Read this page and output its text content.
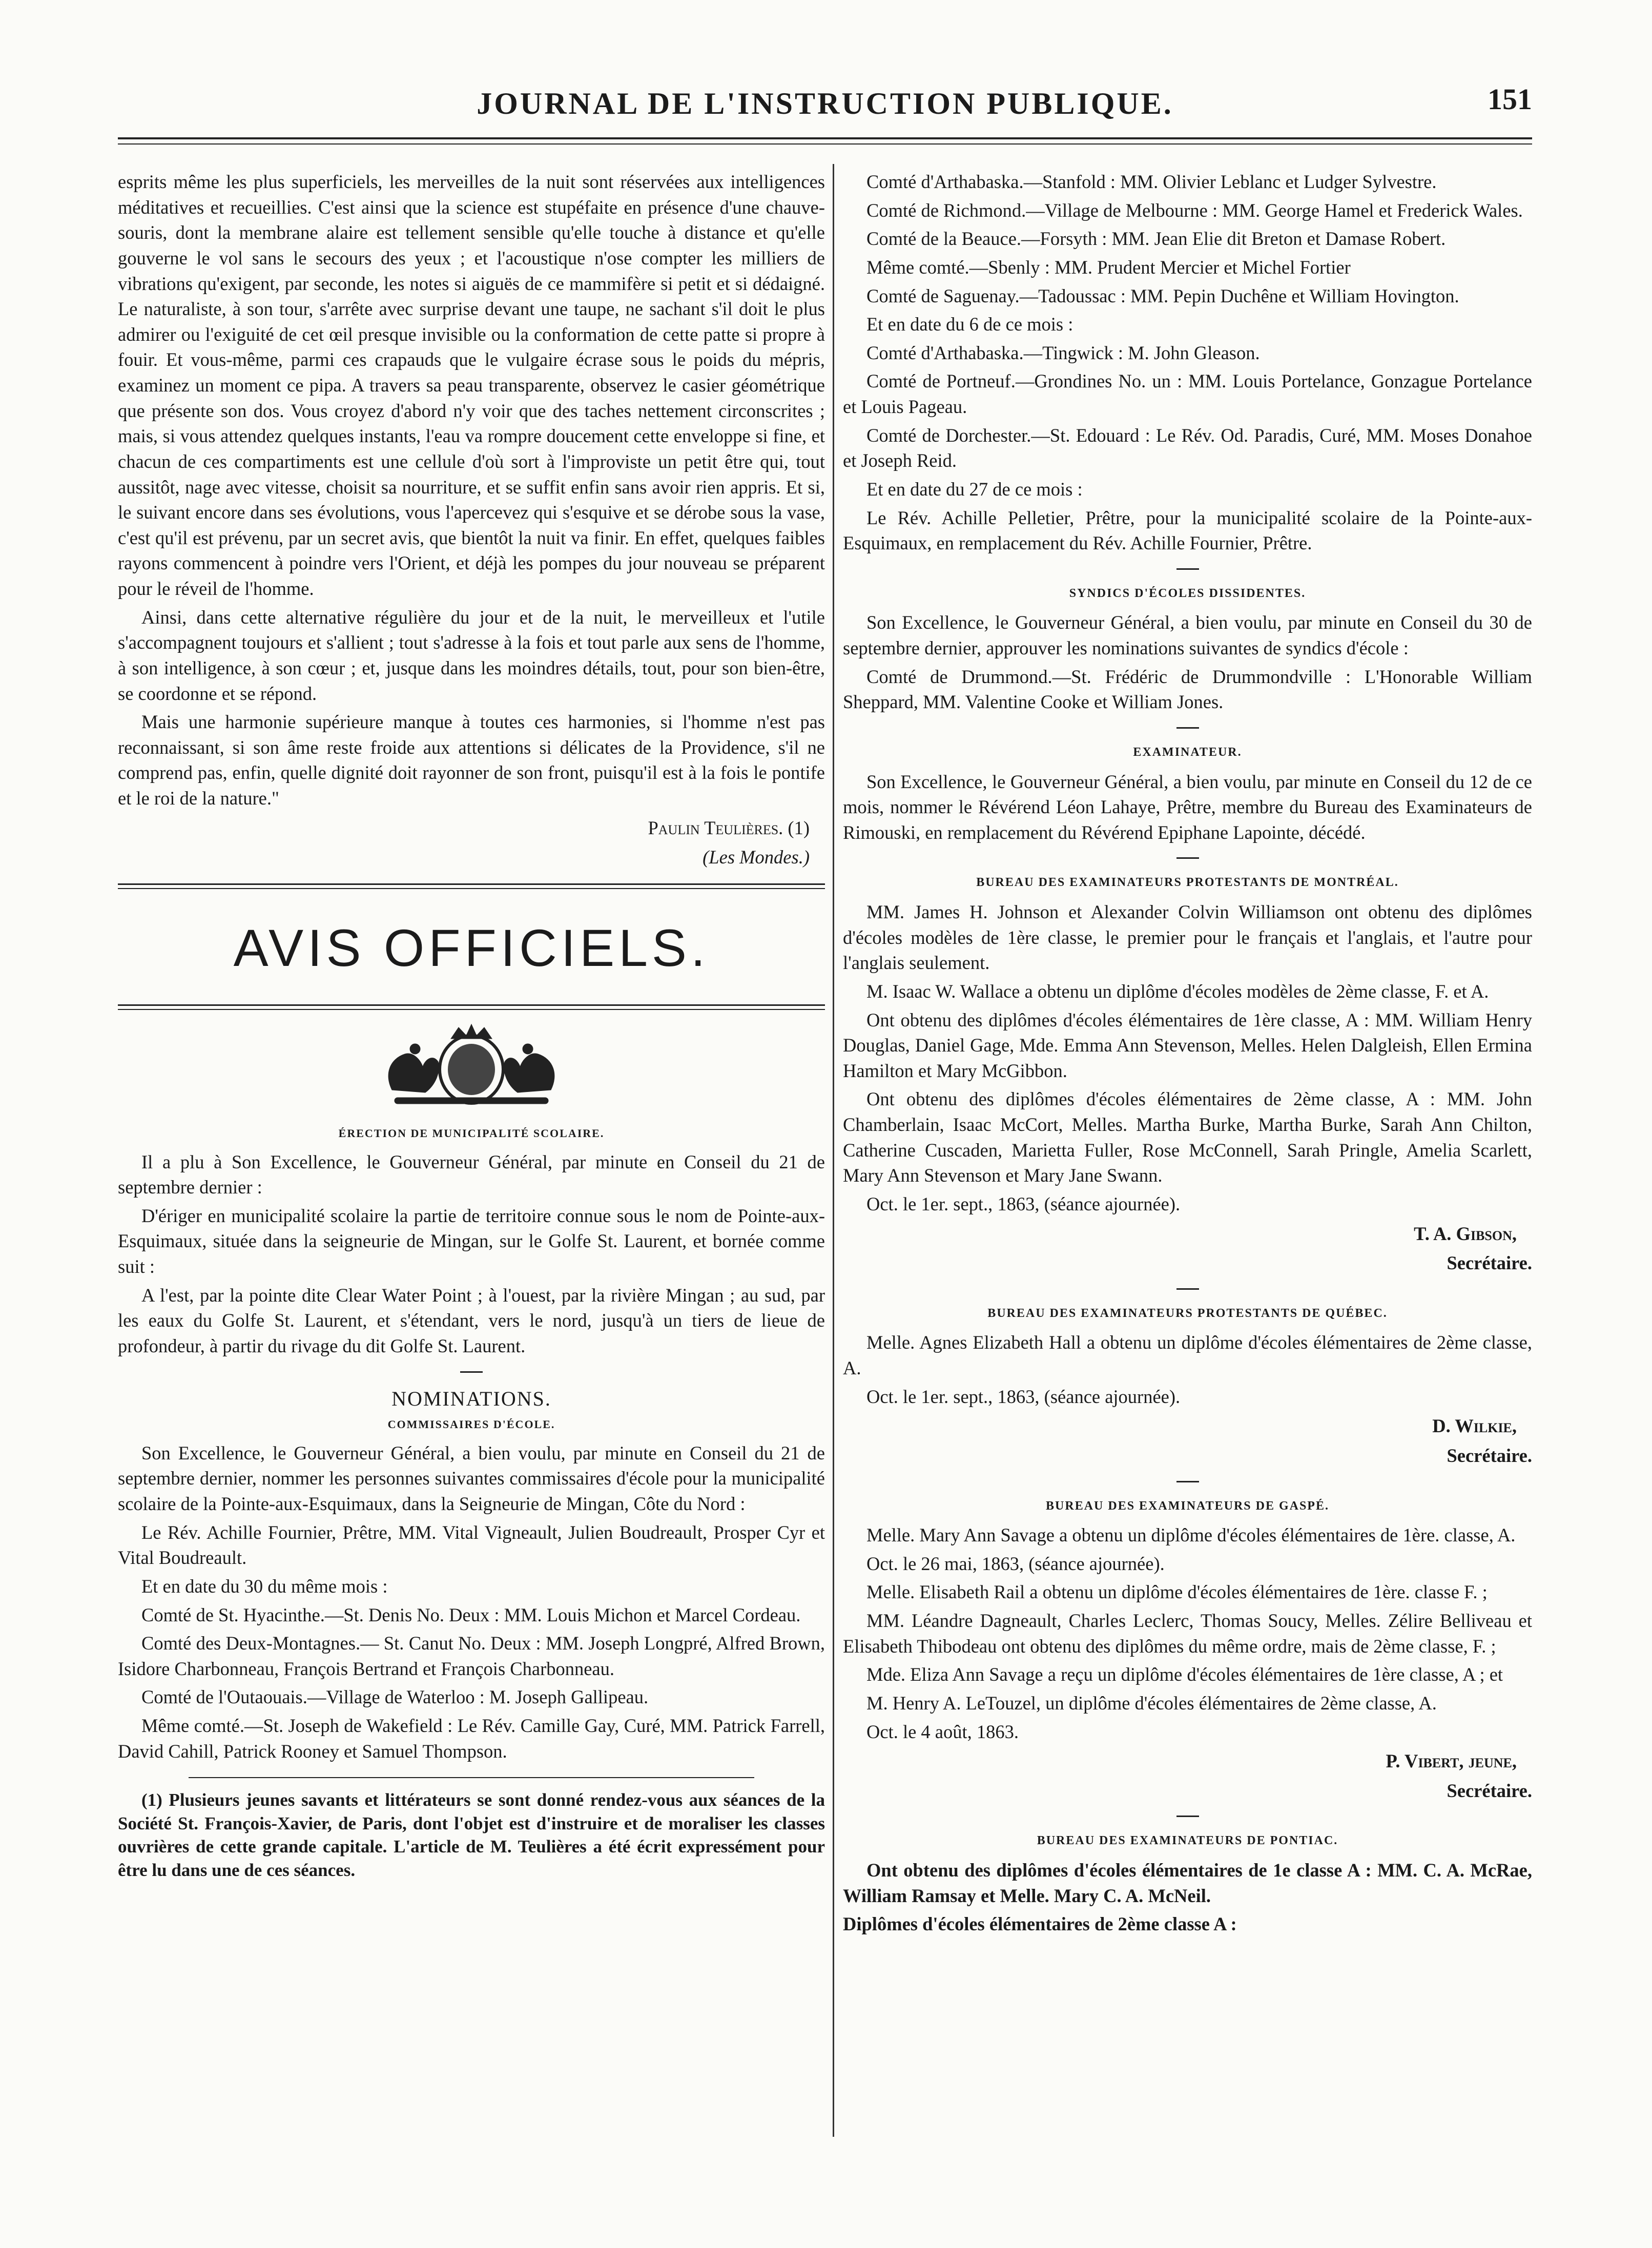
JOURNAL DE L'INSTRUCTION PUBLIQUE.	151

esprits même les plus superficiels, les merveilles de la nuit sont réservées aux intelligences méditatives et recueillies. C'est ainsi que la science est stupéfaite en présence d'une chauve-souris, dont la membrane alaire est tellement sensible qu'elle touche à distance et qu'elle gouverne le vol sans le secours des yeux ; et l'acoustique n'ose compter les milliers de vibrations qu'exigent, par seconde, les notes si aiguës de ce mammifère si petit et si dédaigné. Le naturaliste, à son tour, s'arrête avec surprise devant une taupe, ne sachant s'il doit le plus admirer ou l'exiguité de cet œil presque invisible ou la conformation de cette patte si propre à fouir. Et vous-même, parmi ces crapauds que le vulgaire écrase sous le poids du mépris, examinez un moment ce pipa. A travers sa peau transparente, observez le casier géométrique que présente son dos. Vous croyez d'abord n'y voir que des taches nettement circonscrites ; mais, si vous attendez quelques instants, l'eau va rompre doucement cette enveloppe si fine, et chacun de ces compartiments est une cellule d'où sort à l'improviste un petit être qui, tout aussitôt, nage avec vitesse, choisit sa nourriture, et se suffit enfin sans avoir rien appris. Et si, le suivant encore dans ses évolutions, vous l'apercevez qui s'esquive et se dérobe sous la vase, c'est qu'il est prévenu, par un secret avis, que bientôt la nuit va finir. En effet, quelques faibles rayons commencent à poindre vers l'Orient, et déjà les pompes du jour nouveau se préparent pour le réveil de l'homme.

Ainsi, dans cette alternative régulière du jour et de la nuit, le merveilleux et l'utile s'accompagnent toujours et s'allient ; tout s'adresse à la fois et tout parle aux sens de l'homme, à son intelligence, à son cœur ; et, jusque dans les moindres détails, tout, pour son bien-être, se coordonne et se répond.

Mais une harmonie supérieure manque à toutes ces harmonies, si l'homme n'est pas reconnaissant, si son âme reste froide aux attentions si délicates de la Providence, s'il ne comprend pas, enfin, quelle dignité doit rayonner de son front, puisqu'il est à la fois le pontife et le roi de la nature."

Paulin Teulières. (1)
(Les Mondes.)
AVIS OFFICIELS.
ÉRECTION DE MUNICIPALITÉ SCOLAIRE.

Il a plu à Son Excellence, le Gouverneur Général, par minute en Conseil du 21 de septembre dernier :

D'ériger en municipalité scolaire la partie de territoire connue sous le nom de Pointe-aux-Esquimaux, située dans la seigneurie de Mingan, sur le Golfe St. Laurent, et bornée comme suit :

A l'est, par la pointe dite Clear Water Point ; à l'ouest, par la rivière Mingan ; au sud, par les eaux du Golfe St. Laurent, et s'étendant, vers le nord, jusqu'à un tiers de lieue de profondeur, à partir du rivage du dit Golfe St. Laurent.

NOMINATIONS.
COMMISSAIRES D'ÉCOLE.

Son Excellence, le Gouverneur Général, a bien voulu, par minute en Conseil du 21 de septembre dernier, nommer les personnes suivantes commissaires d'école pour la municipalité scolaire de la Pointe-aux-Esquimaux, dans la Seigneurie de Mingan, Côte du Nord :

Le Rév. Achille Fournier, Prêtre, MM. Vital Vigneault, Julien Boudreault, Prosper Cyr et Vital Boudreault.

Et en date du 30 du même mois :

Comté de St. Hyacinthe.—St. Denis No. Deux : MM. Louis Michon et Marcel Cordeau.

Comté des Deux-Montagnes.— St. Canut No. Deux : MM. Joseph Longpré, Alfred Brown, Isidore Charbonneau, François Bertrand et François Charbonneau.

Comté de l'Outaouais.—Village de Waterloo : M. Joseph Gallipeau.

Même comté.—St. Joseph de Wakefield : Le Rév. Camille Gay, Curé, MM. Patrick Farrell, David Cahill, Patrick Rooney et Samuel Thompson.

(1) Plusieurs jeunes savants et littérateurs se sont donné rendez-vous aux séances de la Société St. François-Xavier, de Paris, dont l'objet est d'instruire et de moraliser les classes ouvrières de cette grande capitale. L'article de M. Teulières a été écrit expressément pour être lu dans une de ces séances.

Comté d'Arthabaska.—Stanfold : MM. Olivier Leblanc et Ludger Sylvestre.

Comté de Richmond.—Village de Melbourne : MM. George Hamel et Frederick Wales.

Comté de la Beauce.—Forsyth : MM. Jean Elie dit Breton et Damase Robert.

Même comté.—Sbenly : MM. Prudent Mercier et Michel Fortier

Comté de Saguenay.—Tadoussac : MM. Pepin Duchêne et William Hovington.

Et en date du 6 de ce mois :

Comté d'Arthabaska.—Tingwick : M. John Gleason.

Comté de Portneuf.—Grondines No. un : MM. Louis Portelance, Gonzague Portelance et Louis Pageau.

Comté de Dorchester.—St. Edouard : Le Rév. Od. Paradis, Curé, MM. Moses Donahoe et Joseph Reid.

Et en date du 27 de ce mois :

Le Rév. Achille Pelletier, Prêtre, pour la municipalité scolaire de la Pointe-aux-Esquimaux, en remplacement du Rév. Achille Fournier, Prêtre.

SYNDICS D'ÉCOLES DISSIDENTES.

Son Excellence, le Gouverneur Général, a bien voulu, par minute en Conseil du 30 de septembre dernier, approuver les nominations suivantes de syndics d'école :

Comté de Drummond.—St. Frédéric de Drummondville : L'Honorable William Sheppard, MM. Valentine Cooke et William Jones.

EXAMINATEUR.

Son Excellence, le Gouverneur Général, a bien voulu, par minute en Conseil du 12 de ce mois, nommer le Révérend Léon Lahaye, Prêtre, membre du Bureau des Examinateurs de Rimouski, en remplacement du Révérend Epiphane Lapointe, décédé.

BUREAU DES EXAMINATEURS PROTESTANTS DE MONTRÉAL.

MM. James H. Johnson et Alexander Colvin Williamson ont obtenu des diplômes d'écoles modèles de 1ère classe, le premier pour le français et l'anglais, et l'autre pour l'anglais seulement.

M. Isaac W. Wallace a obtenu un diplôme d'écoles modèles de 2ème classe, F. et A.

Ont obtenu des diplômes d'écoles élémentaires de 1ère classe, A : MM. William Henry Douglas, Daniel Gage, Mde. Emma Ann Stevenson, Melles. Helen Dalgleish, Ellen Ermina Hamilton et Mary McGibbon.

Ont obtenu des diplômes d'écoles élémentaires de 2ème classe, A : MM. John Chamberlain, Isaac McCort, Melles. Martha Burke, Martha Burke, Sarah Ann Chilton, Catherine Cuscaden, Marietta Fuller, Rose McConnell, Sarah Pringle, Amelia Scarlett, Mary Ann Stevenson et Mary Jane Swann.

Oct. le 1er. sept., 1863, (séance ajournée).

T. A. Gibson,
Secrétaire.
BUREAU DES EXAMINATEURS PROTESTANTS DE QUÉBEC.

Melle. Agnes Elizabeth Hall a obtenu un diplôme d'écoles élémentaires de 2ème classe, A.

Oct. le 1er. sept., 1863, (séance ajournée).

D. Wilkie,
Secrétaire.
BUREAU DES EXAMINATEURS DE GASPÉ.

Melle. Mary Ann Savage a obtenu un diplôme d'écoles élémentaires de 1ère. classe, A.

Oct. le 26 mai, 1863, (séance ajournée).

Melle. Elisabeth Rail a obtenu un diplôme d'écoles élémentaires de 1ère. classe F. ;

MM. Léandre Dagneault, Charles Leclerc, Thomas Soucy, Melles. Zélire Belliveau et Elisabeth Thibodeau ont obtenu des diplômes du même ordre, mais de 2ème classe, F. ;

Mde. Eliza Ann Savage a reçu un diplôme d'écoles élémentaires de 1ère classe, A ; et

M. Henry A. LeTouzel, un diplôme d'écoles élémentaires de 2ème classe, A.

Oct. le 4 août, 1863.

P. Vibert, jeune,
Secrétaire.
BUREAU DES EXAMINATEURS DE PONTIAC.

Ont obtenu des diplômes d'écoles élémentaires de 1e classe A : MM. C. A. McRae, William Ramsay et Melle. Mary C. A. McNeil.

Diplômes d'écoles élémentaires de 2ème classe A :
